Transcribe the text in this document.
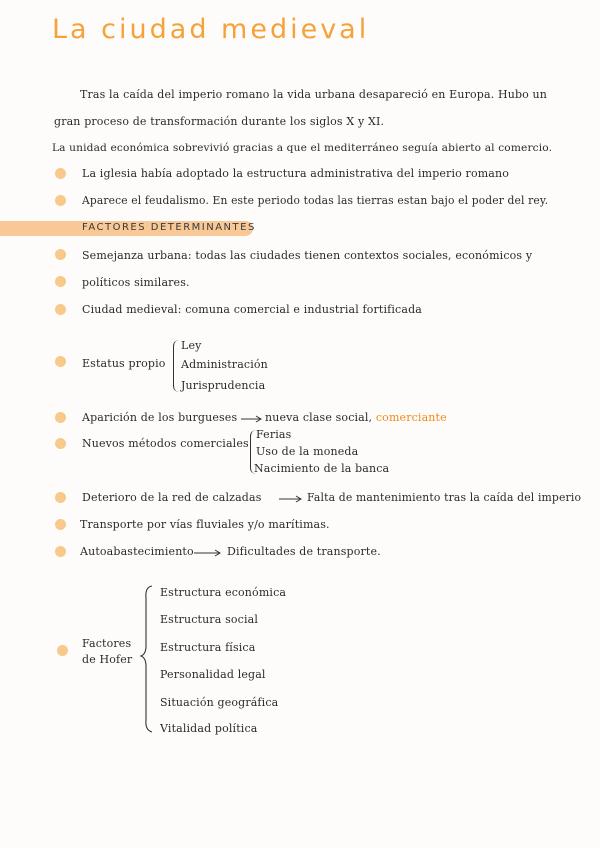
La ciudad medieval
Tras la caída del imperio romano la vida urbana desapareció en Europa. Hubo un
gran proceso de transformación durante los siglos X y XI.
La unidad económica sobrevivió gracias a que el mediterráneo seguía abierto al comercio.
La iglesia había adoptado la estructura administrativa del imperio romano
Aparece el feudalismo. En este periodo todas las tierras estan bajo el poder del rey.
FACTORES DETERMINANTES
Semejanza urbana: todas las ciudades tienen contextos sociales, económicos y
políticos similares.
Ciudad medieval: comuna comercial e industrial fortificada
Estatus propio
Ley
Administración
Jurisprudencia
Aparición de los burgueses	nueva clase social, comerciante
Nuevos métodos comerciales
Ferias
Uso de la moneda
Nacimiento de la banca
Deterioro de la red de calzadas	Falta de mantenimiento tras la caída del imperio
Transporte por vías fluviales y/o marítimas.
Autoabastecimiento	Dificultades de transporte.
Factores
de Hofer
Estructura económica
Estructura social
Estructura física
Personalidad legal
Situación geográfica
Vitalidad política
